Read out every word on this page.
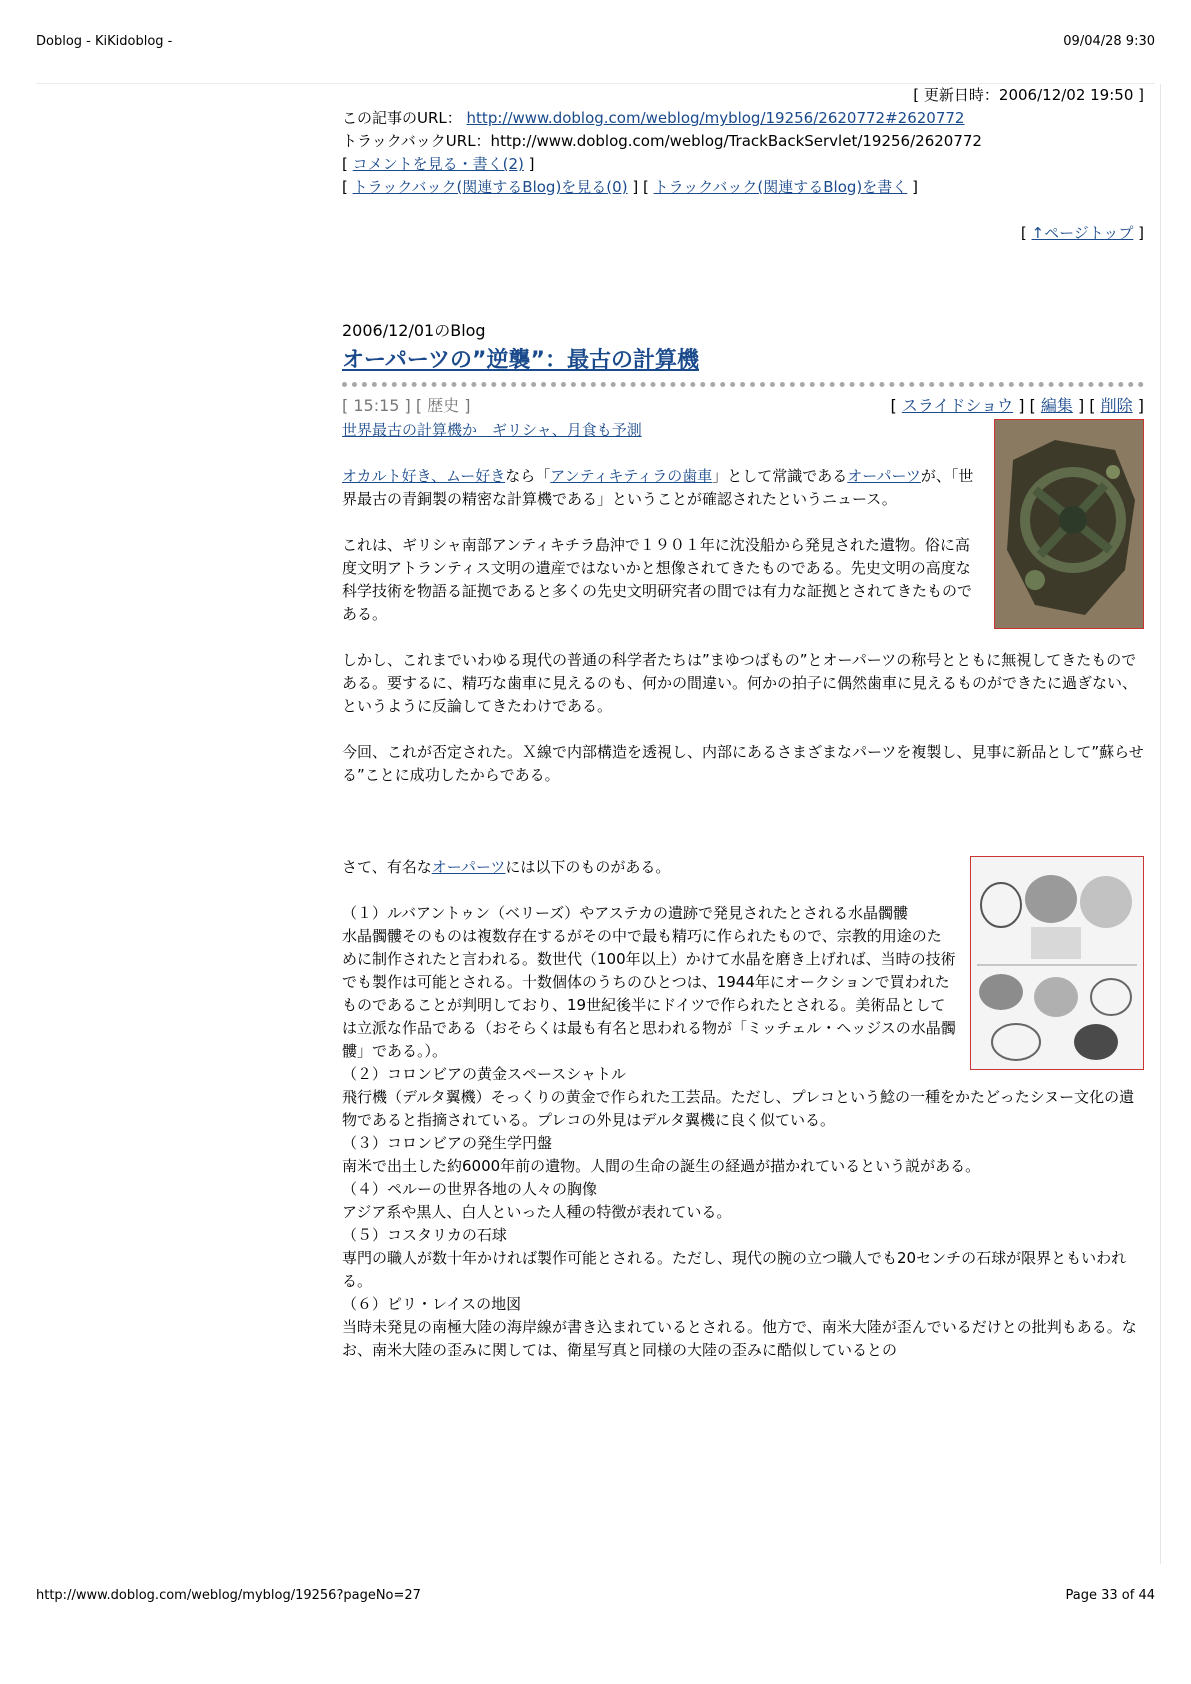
Doblog - KiKidoblog -	09/04/28 9:30
[ 更新日時：2006/12/02 19:50 ]
この記事のURL： http://www.doblog.com/weblog/myblog/19256/2620772#2620772
トラックバックURL：http://www.doblog.com/weblog/TrackBackServlet/19256/2620772
[ コメントを見る・書く(2) ]
[ トラックバック(関連するBlog)を見る(0) ] [ トラックバック(関連するBlog)を書く ]
[ ↑ページトップ ]
2006/12/01のBlog
オーパーツの”逆襲”：最古の計算機
[ 15:15 ] [ 歴史 ]	[ スライドショウ ] [ 編集 ] [ 削除 ]
世界最古の計算機か　ギリシャ、月食も予測

オカルト好き、ムー好きなら「アンティキティラの歯車」として常識であるオーパーツが、「世界最古の青銅製の精密な計算機である」ということが確認されたというニュース。

これは、ギリシャ南部アンティキチラ島沖で１９０１年に沈没船から発見された遺物。俗に高度文明アトランティス文明の遺産ではないかと想像されてきたものである。先史文明の高度な科学技術を物語る証拠であると多くの先史文明研究者の間では有力な証拠とされてきたものである。

しかし、これまでいわゆる現代の普通の科学者たちは”まゆつばもの”とオーパーツの称号とともに無視してきたものである。要するに、精巧な歯車に見えるのも、何かの間違い。何かの拍子に偶然歯車に見えるものができたに過ぎない、というように反論してきたわけである。

今回、これが否定された。Ｘ線で内部構造を透視し、内部にあるさまざまなパーツを複製し、見事に新品として”蘇らせる”ことに成功したからである。

さて、有名なオーパーツには以下のものがある。

（１）ルバアントゥン（ベリーズ）やアステカの遺跡で発見されたとされる水晶髑髏

水晶髑髏そのものは複数存在するがその中で最も精巧に作られたもので、宗教的用途のために制作されたと言われる。数世代（100年以上）かけて水晶を磨き上げれば、当時の技術でも製作は可能とされる。十数個体のうちのひとつは、1944年にオークションで買われたものであることが判明しており、19世紀後半にドイツで作られたとされる。美術品としては立派な作品である（おそらくは最も有名と思われる物が「ミッチェル・ヘッジスの水晶髑髏」である。）。

（２）コロンビアの黄金スペースシャトル

飛行機（デルタ翼機）そっくりの黄金で作られた工芸品。ただし、プレコという鯰の一種をかたどったシヌー文化の遺物であると指摘されている。プレコの外見はデルタ翼機に良く似ている。

（３）コロンビアの発生学円盤

南米で出土した約6000年前の遺物。人間の生命の誕生の経過が描かれているという説がある。

（４）ペルーの世界各地の人々の胸像

アジア系や黒人、白人といった人種の特徴が表れている。

（５）コスタリカの石球

専門の職人が数十年かければ製作可能とされる。ただし、現代の腕の立つ職人でも20センチの石球が限界ともいわれる。

（６）ピリ・レイスの地図

当時未発見の南極大陸の海岸線が書き込まれているとされる。他方で、南米大陸が歪んでいるだけとの批判もある。なお、南米大陸の歪みに関しては、衛星写真と同様の大陸の歪みに酷似しているとの

http://www.doblog.com/weblog/myblog/19256?pageNo=27	Page 33 of 44
